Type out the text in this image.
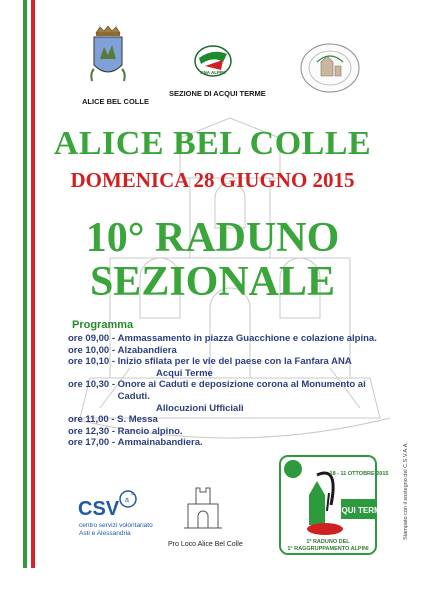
ALICE BEL COLLE
ANA ALPINI
SEZIONE DI ACQUI TERME
ALICE BEL COLLE
DOMENICA 28 GIUGNO 2015
10° RADUNO
SEZIONALE
Programma
ore 09,00 - Ammassamento in piazza Guacchione e colazione alpina.
ore 10,00 - Alzabandiera
ore 10,10 - Inizio sfilata per le vie del paese con la Fanfara ANA
Acqui Terme
ore 10,30 - Onore ai Caduti e deposizione corona al Monumento ai Caduti.
Allocuzioni Ufficiali
ore 11,00 - S. Messa
ore 12,30 - Rancio alpino.
ore 17,00 - Ammainabandiera.
CSV a
a
centro servizi volontariato
Asti e Alessandria
Pro Loco Alice Bel Colle
18 - 11 OTTOBRE 2015
ACQUI TERME
1º RADUNO DEL
1° RAGGRUPPAMENTO ALPINI
Stampato con il sostegno del C.S.V.A.A.
